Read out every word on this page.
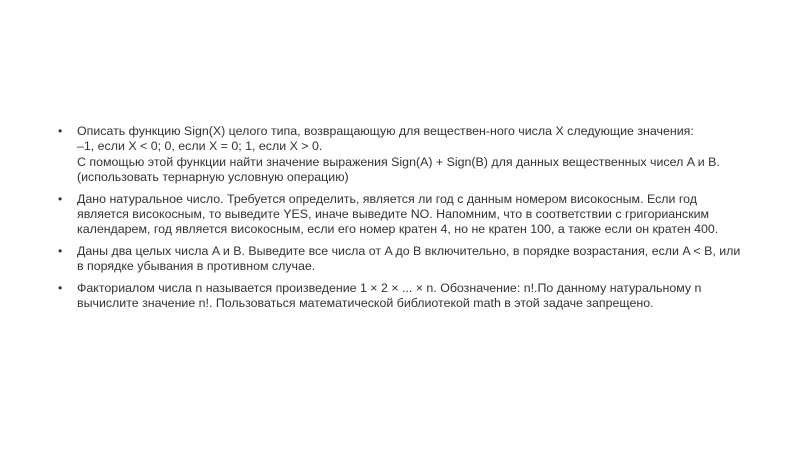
• Описать функцию Sign(X) целого типа, возвращающую для веществен-ного числа X следующие значения:
–1, если X < 0; 0, если X = 0; 1, если X > 0.
С помощью этой функции найти значение выражения Sign(A) + Sign(B) для данных вещественных чисел A и B. (использовать тернарную условную операцию)
• Дано натуральное число. Требуется определить, является ли год с данным номером високосным. Если год является високосным, то выведите YES, иначе выведите NO. Напомним, что в соответствии с григорианским календарем, год является високосным, если его номер кратен 4, но не кратен 100, а также если он кратен 400.
• Даны два целых числа A и B. Выведите все числа от A до B включительно, в порядке возрастания, если A < B, или в порядке убывания в противном случае.
• Факториалом числа n называется произведение 1 × 2 × ... × n. Обозначение: n!.По данному натуральному n вычислите значение n!. Пользоваться математической библиотекой math в этой задаче запрещено.
